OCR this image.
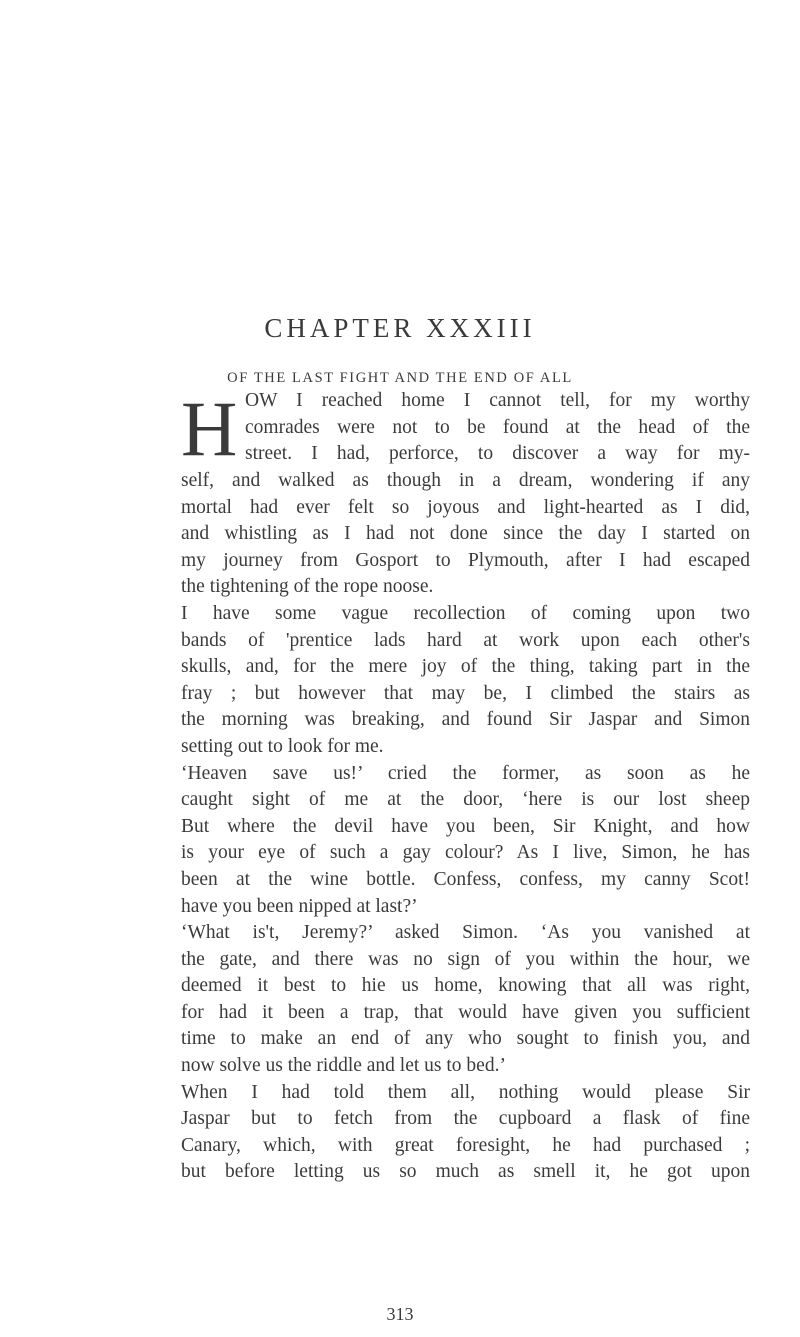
CHAPTER XXXIII
OF THE LAST FIGHT AND THE END OF ALL
H OW I reached home I cannot tell, for my worthy
comrades were not to be found at the head of the
street. I had, perforce, to discover a way for my-
self, and walked as though in a dream, wondering if any
mortal had ever felt so joyous and light-hearted as I did,
and whistling as I had not done since the day I started on
my journey from Gosport to Plymouth, after I had escaped
the tightening of the rope noose.
I have some vague recollection of coming upon two
bands of 'prentice lads hard at work upon each other's
skulls, and, for the mere joy of the thing, taking part in the
fray ; but however that may be, I climbed the stairs as
the morning was breaking, and found Sir Jaspar and Simon
setting out to look for me.
‘Heaven save us!’ cried the former, as soon as he
caught sight of me at the door, ‘here is our lost sheep
But where the devil have you been, Sir Knight, and how
is your eye of such a gay colour? As I live, Simon, he has
been at the wine bottle. Confess, confess, my canny Scot!
have you been nipped at last?’
‘What is't, Jeremy?’ asked Simon. ‘As you vanished at
the gate, and there was no sign of you within the hour, we
deemed it best to hie us home, knowing that all was right,
for had it been a trap, that would have given you sufficient
time to make an end of any who sought to finish you, and
now solve us the riddle and let us to bed.’
When I had told them all, nothing would please Sir
Jaspar but to fetch from the cupboard a flask of fine
Canary, which, with great foresight, he had purchased ;
but before letting us so much as smell it, he got upon
313
